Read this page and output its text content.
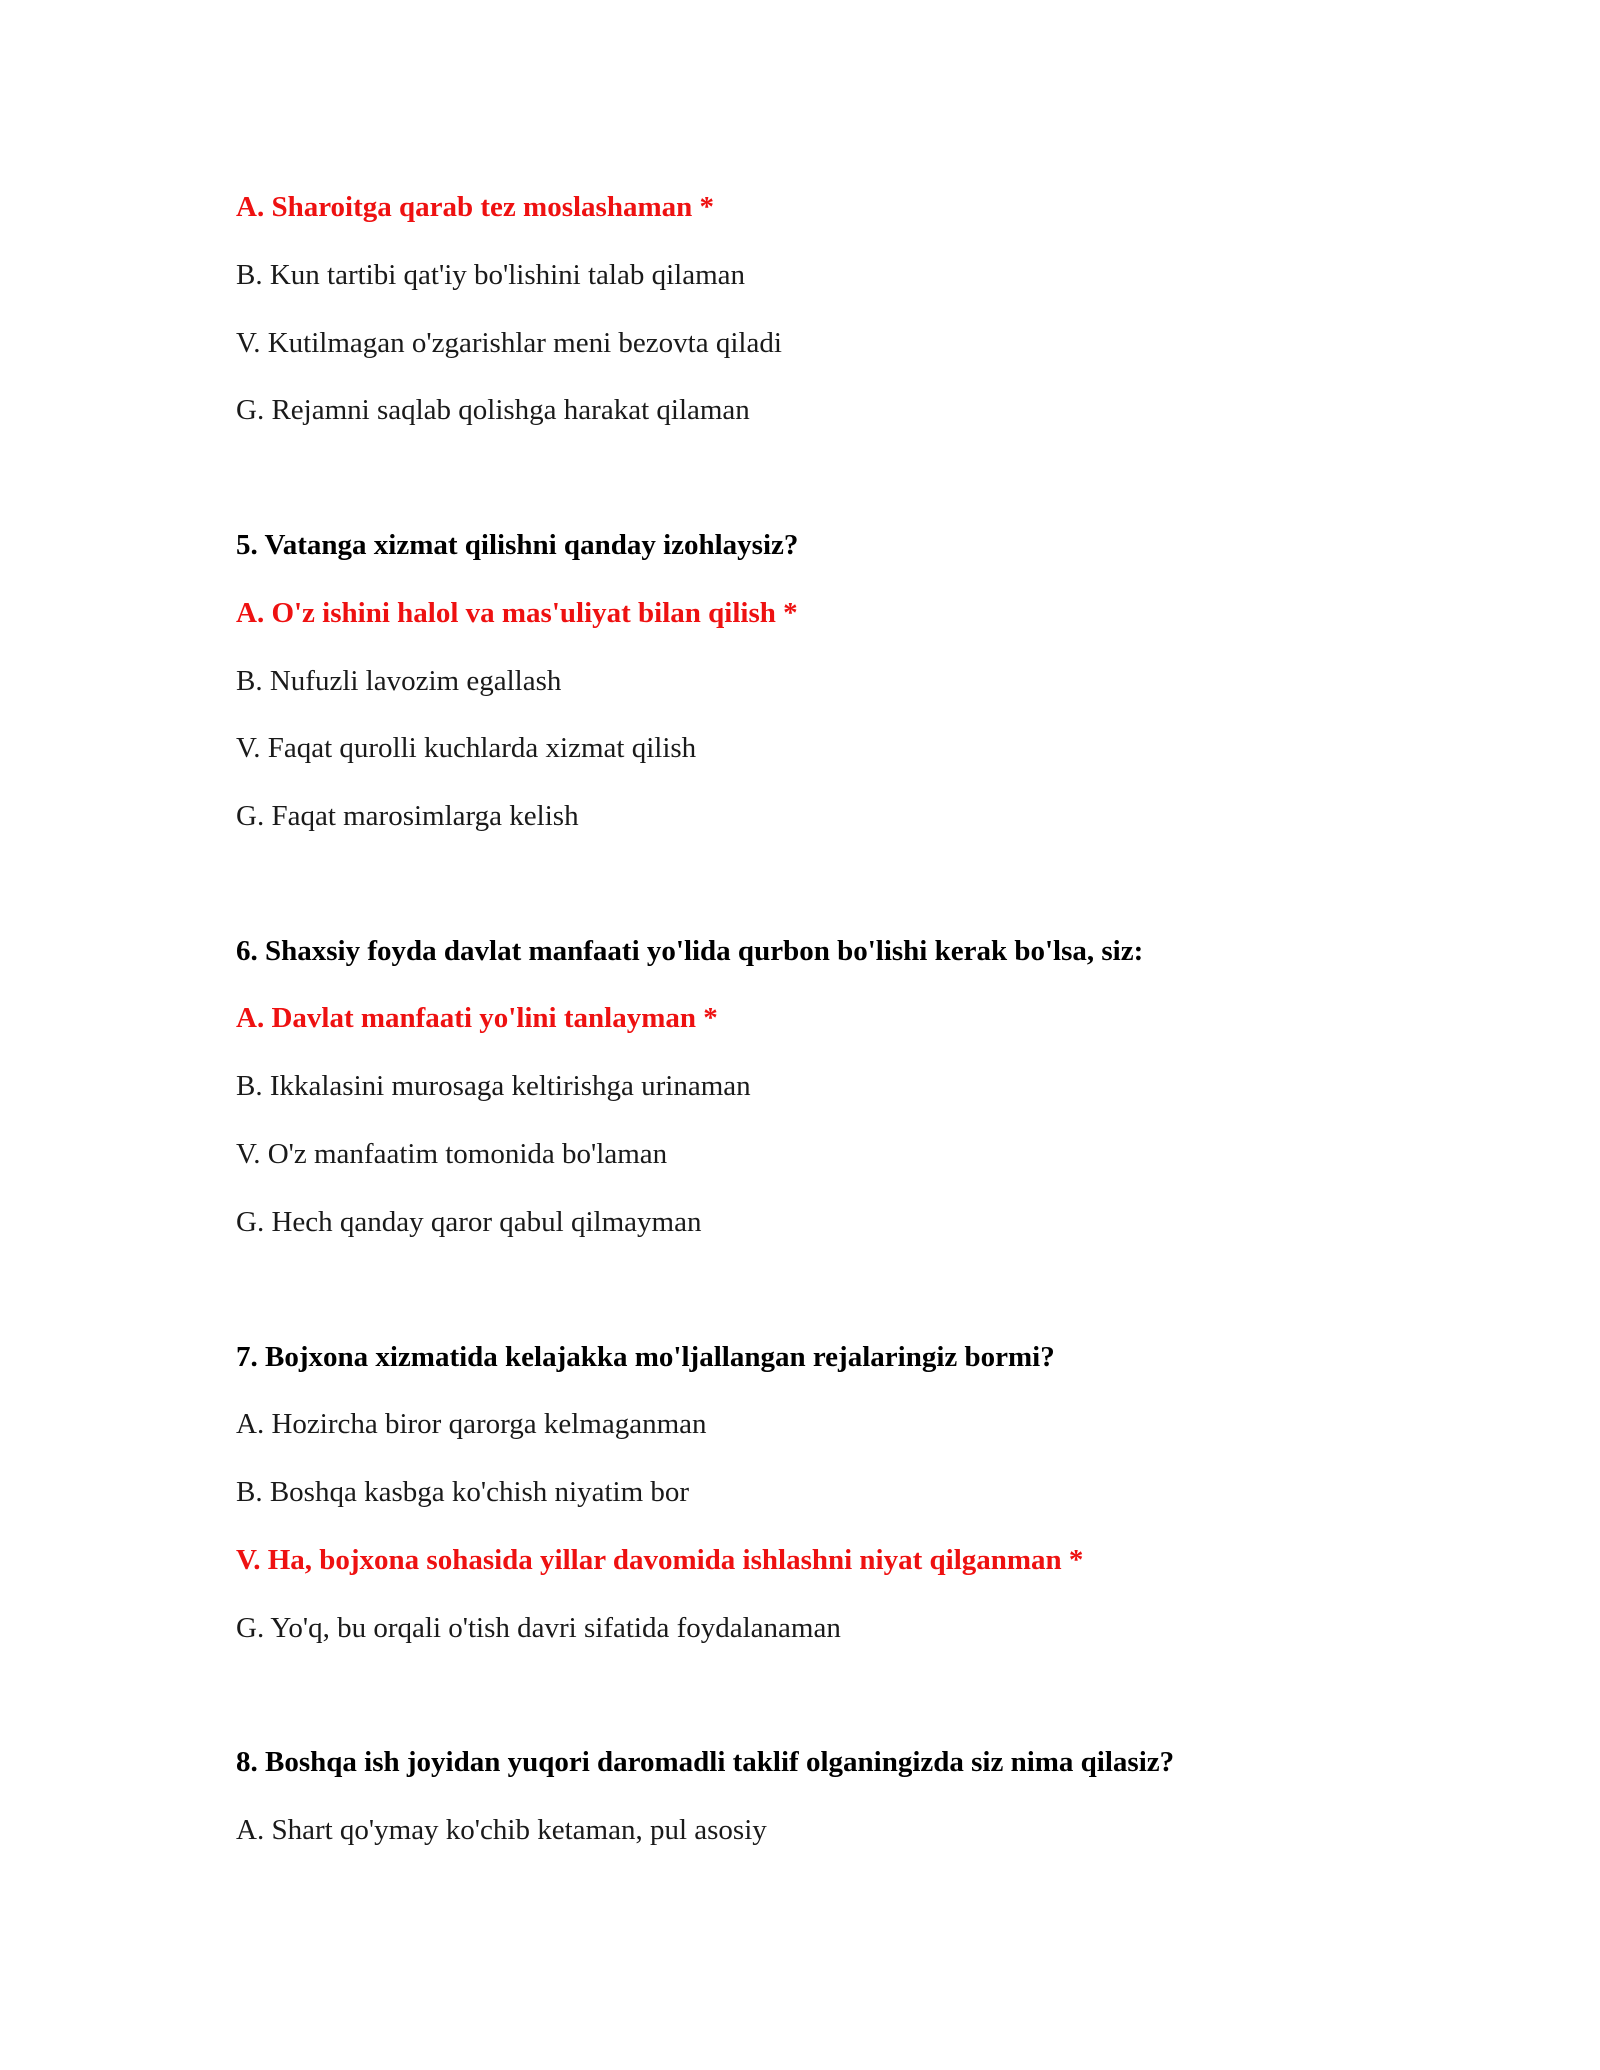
A. Sharoitga qarab tez moslashaman *
B. Kun tartibi qat'iy bo'lishini talab qilaman
V. Kutilmagan o'zgarishlar meni bezovta qiladi
G. Rejamni saqlab qolishga harakat qilaman
5. Vatanga xizmat qilishni qanday izohlaysiz?
A. O'z ishini halol va mas'uliyat bilan qilish *
B. Nufuzli lavozim egallash
V. Faqat qurolli kuchlarda xizmat qilish
G. Faqat marosimlarga kelish
6. Shaxsiy foyda davlat manfaati yo'lida qurbon bo'lishi kerak bo'lsa, siz:
A. Davlat manfaati yo'lini tanlayman *
B. Ikkalasini murosaga keltirishga urinaman
V. O'z manfaatim tomonida bo'laman
G. Hech qanday qaror qabul qilmayman
7. Bojxona xizmatida kelajakka mo'ljallangan rejalaringiz bormi?
A. Hozircha biror qarorga kelmaganman
B. Boshqa kasbga ko'chish niyatim bor
V. Ha, bojxona sohasida yillar davomida ishlashni niyat qilganman *
G. Yo'q, bu orqali o'tish davri sifatida foydalanaman
8. Boshqa ish joyidan yuqori daromadli taklif olganingizda siz nima qilasiz?
A. Shart qo'ymay ko'chib ketaman, pul asosiy
